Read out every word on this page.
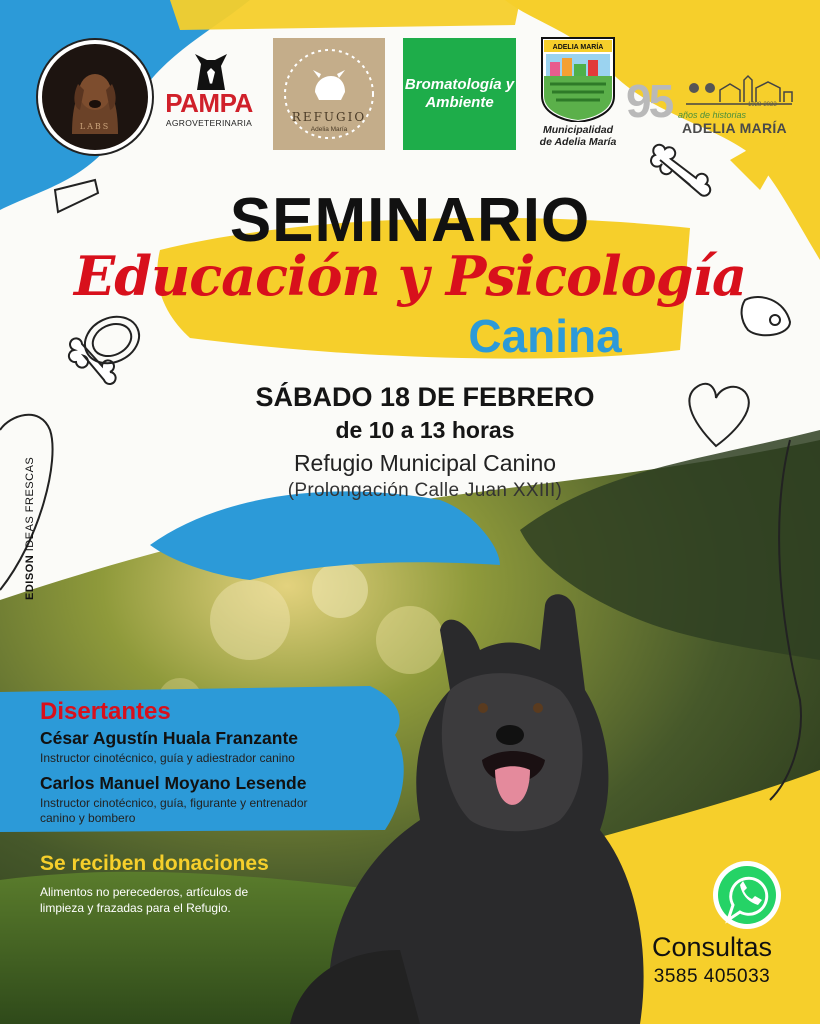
LABS
PAMPA
AGROVETERINARIA	REFUGIO
Adelia María
Bromatología y Ambiente
ADELIA MARÍA
Municipalidad
de Adelia María
95 años de historias
1928-2023
ADELIA MARÍA
SEMINARIO
Educación y Psicología
Canina
SÁBADO 18 DE FEBRERO
de 10 a 13 horas
Refugio Municipal Canino
(Prolongación Calle Juan XXIII)
EDISON IDEAS FRESCAS
Disertantes
César Agustín Huala Franzante
Instructor cinotécnico, guía y adiestrador canino
Carlos Manuel Moyano Lesende
Instructor cinotécnico, guía, figurante y entrenador canino y bombero
Se reciben donaciones
Alimentos no perecederos, artículos de limpieza y frazadas para el Refugio.
Consultas
3585 405033
